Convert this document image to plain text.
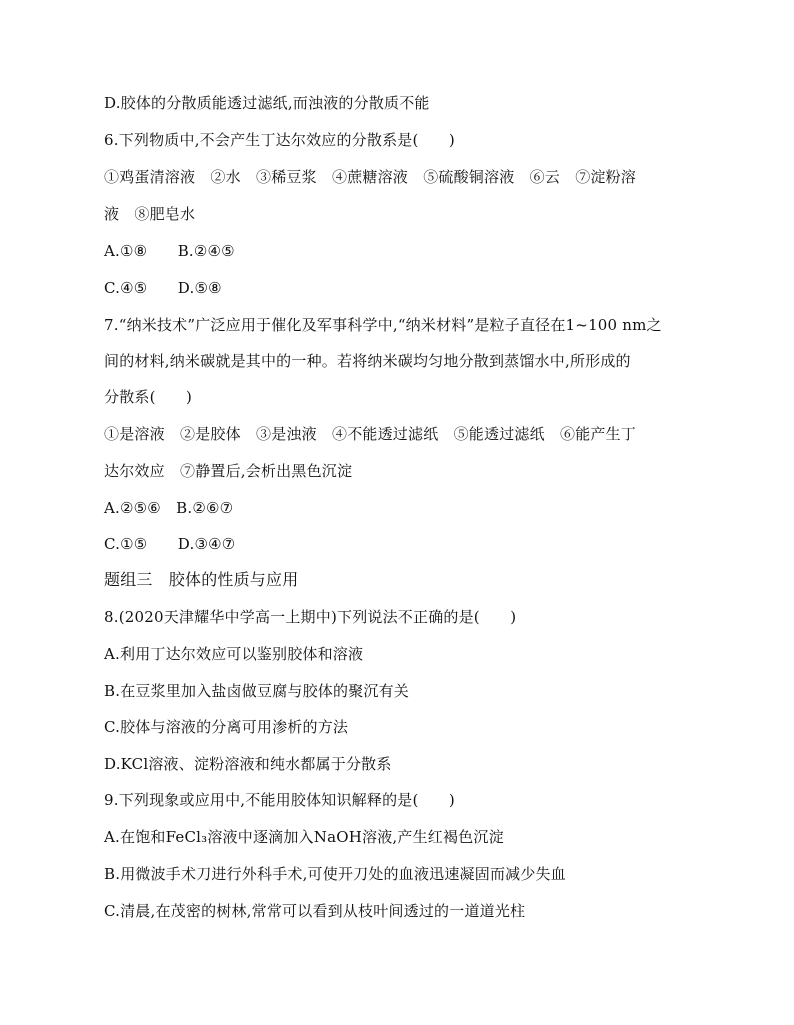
D.胶体的分散质能透过滤纸,而浊液的分散质不能
6.下列物质中,不会产生丁达尔效应的分散系是(　　)
①鸡蛋清溶液　②水　③稀豆浆　④蔗糖溶液　⑤硫酸铜溶液　⑥云　⑦淀粉溶
液　⑧肥皂水
A.①⑧　　B.②④⑤
C.④⑤　　D.⑤⑧
7.“纳米技术”广泛应用于催化及军事科学中,“纳米材料”是粒子直径在1~100 nm之
间的材料,纳米碳就是其中的一种。若将纳米碳均匀地分散到蒸馏水中,所形成的
分散系(　　)
①是溶液　②是胶体　③是浊液　④不能透过滤纸　⑤能透过滤纸　⑥能产生丁
达尔效应　⑦静置后,会析出黑色沉淀
A.②⑤⑥　B.②⑥⑦
C.①⑤　　D.③④⑦
题组三　胶体的性质与应用
8.(2020天津耀华中学高一上期中)下列说法不正确的是(　　)
A.利用丁达尔效应可以鉴别胶体和溶液
B.在豆浆里加入盐卤做豆腐与胶体的聚沉有关
C.胶体与溶液的分离可用渗析的方法
D.KCl溶液、淀粉溶液和纯水都属于分散系
9.下列现象或应用中,不能用胶体知识解释的是(　　)
A.在饱和FeCl₃溶液中逐滴加入NaOH溶液,产生红褐色沉淀
B.用微波手术刀进行外科手术,可使开刀处的血液迅速凝固而减少失血
C.清晨,在茂密的树林,常常可以看到从枝叶间透过的一道道光柱
